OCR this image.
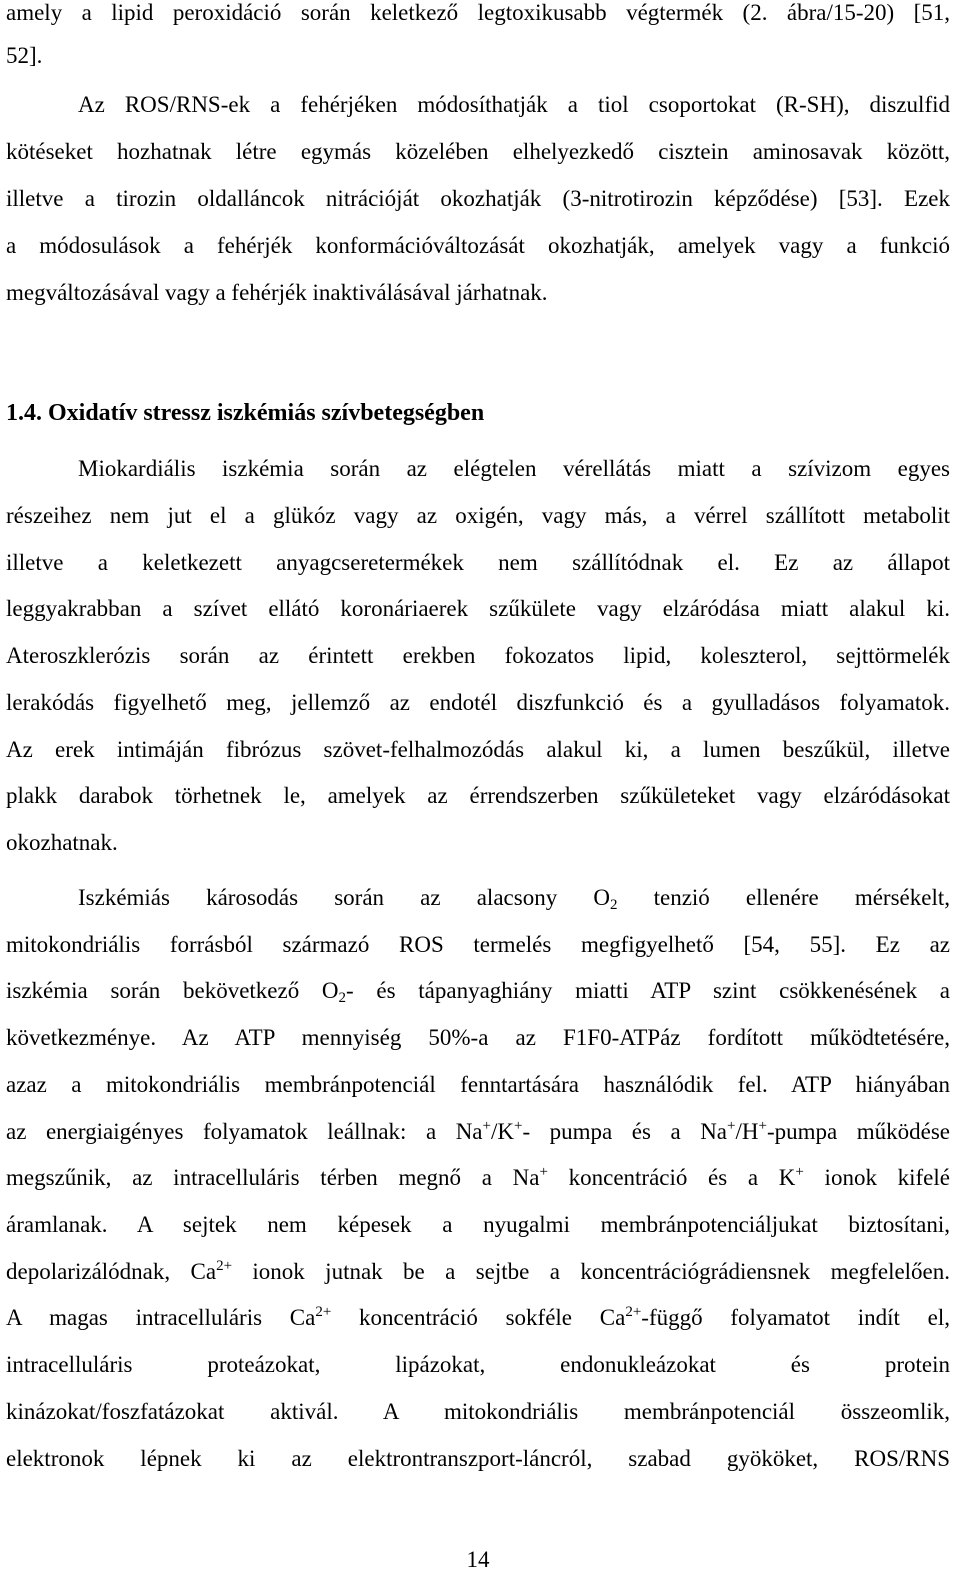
amely a lipid peroxidáció során keletkező legtoxikusabb végtermék (2. ábra/15-20) [51,
52].
Az ROS/RNS-ek a fehérjéken módosíthatják a tiol csoportokat (R-SH), diszulfid
kötéseket hozhatnak létre egymás közelében elhelyezkedő cisztein aminosavak között,
illetve a tirozin oldalláncok nitrációját okozhatják (3-nitrotirozin képződése) [53]. Ezek
a módosulások a fehérjék konformációváltozását okozhatják, amelyek vagy a funkció
megváltozásával vagy a fehérjék inaktiválásával járhatnak.
1.4. Oxidatív stressz iszkémiás szívbetegségben
Miokardiális iszkémia során az elégtelen vérellátás miatt a szívizom egyes
részeihez nem jut el a glükóz vagy az oxigén, vagy más, a vérrel szállított metabolit
illetve a keletkezett anyagcseretermékek nem szállítódnak el. Ez az állapot
leggyakrabban a szívet ellátó koronáriaerek szűkülete vagy elzáródása miatt alakul ki.
Ateroszklerózis során az érintett erekben fokozatos lipid, koleszterol, sejttörmelék
lerakódás figyelhető meg, jellemző az endotél diszfunkció és a gyulladásos folyamatok.
Az erek intimáján fibrózus szövet-felhalmozódás alakul ki, a lumen beszűkül, illetve
plakk darabok törhetnek le, amelyek az érrendszerben szűkületeket vagy elzáródásokat
okozhatnak.
Iszkémiás károsodás során az alacsony $O_2$ tenzió ellenére mérsékelt,
mitokondriális forrásból származó ROS termelés megfigyelhető [54, 55]. Ez az
iszkémia során bekövetkező $O_2-$ és tápanyaghiány miatti ATP szint csökkenésének a
következménye. Az ATP mennyiség 50%-a az F1F0-ATPáz fordított működtetésére,
azaz a mitokondriális membránpotenciál fenntartására használódik fel. ATP hiányában
az energiaigényes folyamatok leállnak: a Na+/K+- pumpa és a Na+/H+-pumpa működése
megszűnik, az intracelluláris térben megnő a Na+ koncentráció és a K+ ionok kifelé
áramlanak. A sejtek nem képesek a nyugalmi membránpotenciáljukat biztosítani,
depolarizálódnak, $Ca^{2+}$ ionok jutnak be a sejtbe a koncentrációgrádiensnek megfelelően.
A magas intracelluláris $Ca^{2+}$ koncentráció sokféle $Ca^{2+}$-függő folyamatot indít el,
intracelluláris proteázokat, lipázokat, endonukleázokat és protein
kinázokat/foszfatázokat aktivál. A mitokondriális membránpotenciál összeomlik,
elektronok lépnek ki az elektrontranszport-láncról, szabad gyököket, ROS/RNS
14
